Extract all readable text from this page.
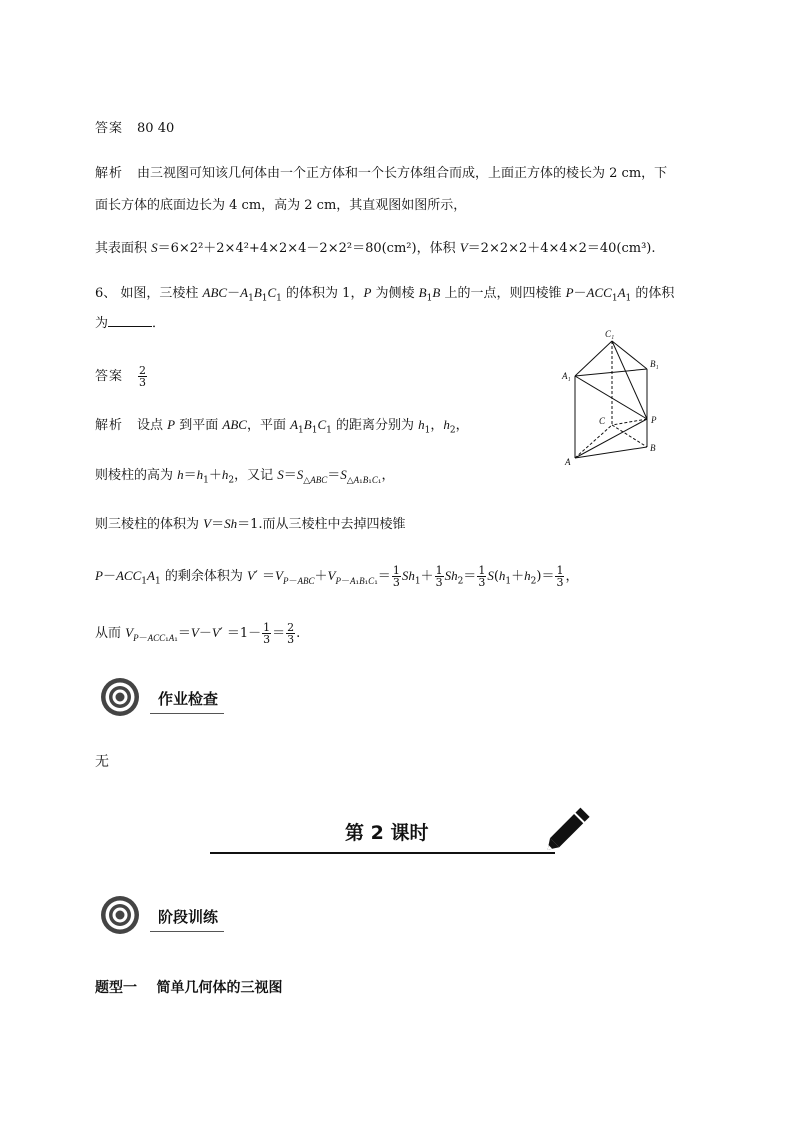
答案 80 40
解析 由三视图可知该几何体由一个正方体和一个长方体组合而成，上面正方体的棱长为 2 cm，下
面长方体的底面边长为 4 cm，高为 2 cm，其直观图如图所示，
其表面积 S＝6×2²＋2×4²+4×2×4－2×2²＝80(cm²)，体积 V＝2×2×2＋4×4×2＝40(cm³).
6、 如图，三棱柱 $ABC-A_1B_1C_1$ 的体积为 1，P 为侧棱 $B_1B$ 上的一点，则四棱锥 $P-ACC_1A_1$ 的体积
为	．
答案 $\frac{2}{3}$
解析 设点 P 到平面 ABC，平面 $A_1B_1C_1$ 的距离分别为 $h_1$，$h_2$，
则棱柱的高为 $h=h_1+h_2$，又记 $S=S_{\triangle ABC}=S_{\triangle A_1B_1C_1}$，
则三棱柱的体积为 V＝Sh＝1.而从三棱柱中去掉四棱锥
$P-ACC_1A_1$ 的剩余体积为 $V' =V_{P-ABC}+V_{P-A_1B_1C_1}= \frac{1}{3} Sh_1+ \frac{1}{3} Sh_2= \frac{1}{3} S(h_1+h_2)= \frac{1}{3}$ ，
从而 $V_{P-ACC_1A_1}=V-V' =1- \frac{1}{3} = \frac{2}{3}$ .
C₁
A₁
B₁
C	P
A
B
作业检查
无
第 2 课时
阶段训练
题型一    简单几何体的三视图
